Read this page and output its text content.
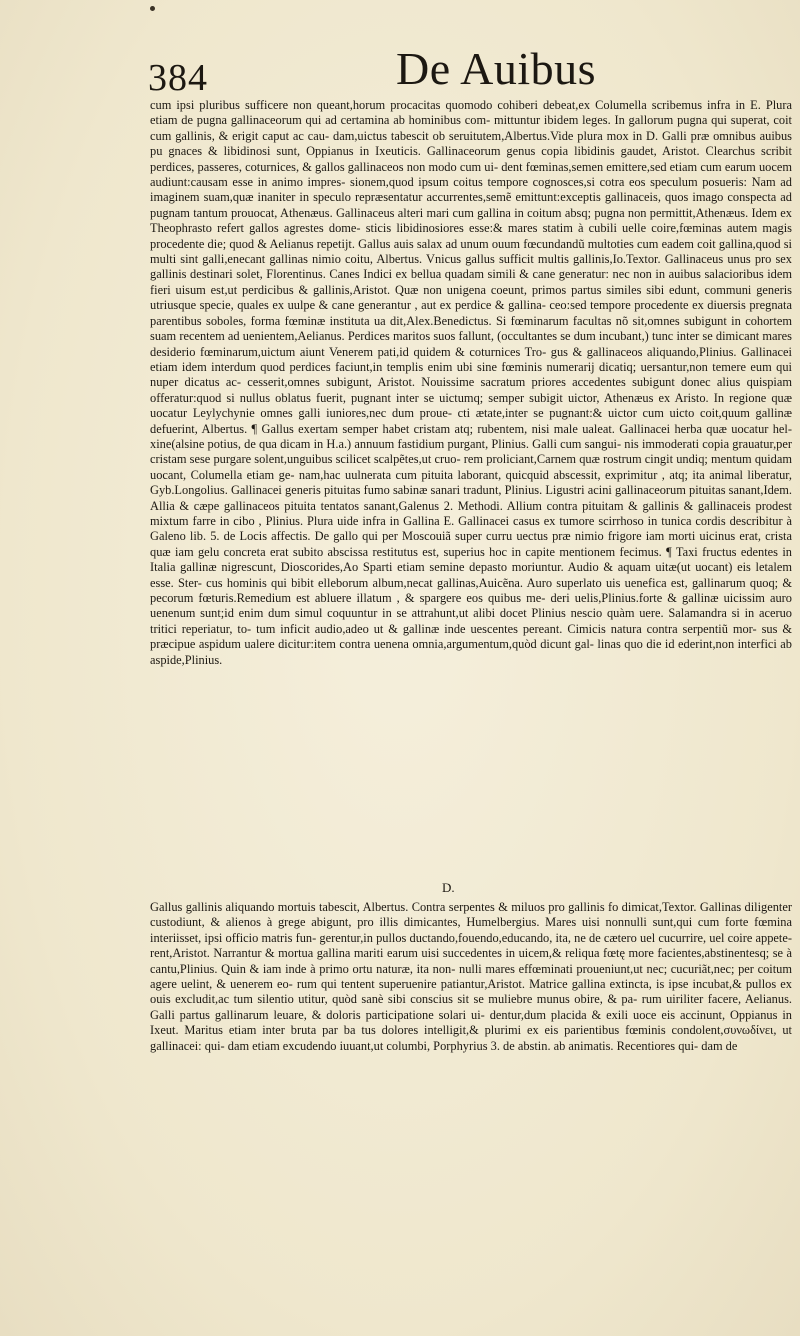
384	De Auibus

cum ipsi pluribus sufficere non queant,horum procacitas quomodo cohiberi debeat,ex Columella scribemus infra in E. Plura etiam de pugna gallinaceorum qui ad certamina ab hominibus com- mittuntur ibidem leges. In gallorum pugna qui superat, coit cum gallinis, & erigit caput ac cau- dam,uictus tabescit ob seruitutem,Albertus.Vide plura mox in D. Galli præ omnibus auibus pu gnaces & libidinosi sunt, Oppianus in Ixeuticis. Gallinaceorum genus copia libidinis gaudet, Aristot. Clearchus scribit perdices, passeres, coturnices, & gallos gallinaceos non modo cum ui- dent fœminas,semen emittere,sed etiam cum earum uocem audiunt:causam esse in animo impres- sionem,quod ipsum coitus tempore cognosces,si cotra eos speculum posueris: Nam ad imaginem suam,quæ inaniter in speculo repræsentatur accurrentes,semẽ emittunt:exceptis gallinaceis, quos imago conspecta ad pugnam tantum prouocat, Athenæus. Gallinaceus alteri mari cum gallina in coitum absq; pugna non permittit,Athenæus. Idem ex Theophrasto refert gallos agrestes dome- sticis libidinosiores esse:& mares statim à cubili uelle coire,fœminas autem magis procedente die; quod & Aelianus repetijt. Gallus auis salax ad unum ouum fœcundandũ multoties cum eadem coit gallina,quod si multi sint galli,enecant gallinas nimio coitu, Albertus. Vnicus gallus sufficit multis gallinis,Io.Textor. Gallinaceus unus pro sex gallinis destinari solet, Florentinus. Canes Indici ex bellua quadam simili & cane generatur: nec non in auibus salacioribus idem fieri uisum est,ut perdicibus & gallinis,Aristot. Quæ non unigena coeunt, primos partus similes sibi edunt, communi generis utriusque specie, quales ex uulpe & cane generantur , aut ex perdice & gallina- ceo:sed tempore procedente ex diuersis pregnata parentibus soboles, forma fœminæ instituta ua dit,Alex.Benedictus. Si fœminarum facultas nõ sit,omnes subigunt in cohortem suam recentem ad uenientem,Aelianus. Perdices maritos suos fallunt, (occultantes se dum incubant,) tunc inter se dimicant mares desiderio fœminarum,uictum aiunt Venerem pati,id quidem & coturnices Tro- gus & gallinaceos aliquando,Plinius. Gallinacei etiam idem interdum quod perdices faciunt,in templis enim ubi sine fœminis numerarij dicatiq; uersantur,non temere eum qui nuper dicatus ac- cesserit,omnes subigunt, Aristot. Nouissime sacratum priores accedentes subigunt donec alius quispiam offeratur:quod si nullus oblatus fuerit, pugnant inter se uictumq; semper subigit uictor, Athenæus ex Aristo. In regione quæ uocatur Leylychynie omnes galli iuniores,nec dum proue- cti ætate,inter se pugnant:& uictor cum uicto coit,quum gallinæ defuerint, Albertus. ¶ Gallus exertam semper habet cristam atq; rubentem, nisi male ualeat. Gallinacei herba quæ uocatur hel- xine(alsine potius, de qua dicam in H.a.) annuum fastidium purgant, Plinius. Galli cum sangui- nis immoderati copia grauatur,per cristam sese purgare solent,unguibus scilicet scalpẽtes,ut cruo- rem proliciant,Carnem quæ rostrum cingit undiq; mentum quidam uocant, Columella etiam ge- nam,hac uulnerata cum pituita laborant, quicquid abscessit, exprimitur , atq; ita animal liberatur, Gyb.Longolius. Gallinacei generis pituitas fumo sabinæ sanari tradunt, Plinius. Ligustri acini gallinaceorum pituitas sanant,Idem. Allia & cæpe gallinaceos pituita tentatos sanant,Galenus 2. Methodi. Allium contra pituitam & gallinis & gallinaceis prodest mixtum farre in cibo , Plinius. Plura uide infra in Gallina E. Gallinacei casus ex tumore scirrhoso in tunica cordis describitur à Galeno lib. 5. de Locis affectis. De gallo qui per Moscouiã super curru uectus præ nimio frigore iam morti uicinus erat, crista quæ iam gelu concreta erat subito abscissa restitutus est, superius hoc in capite mentionem fecimus. ¶ Taxi fructus edentes in Italia gallinæ nigrescunt, Dioscorides,Ao Sparti etiam semine depasto moriuntur. Audio & aquam uitæ(ut uocant) eis letalem esse. Ster- cus hominis qui bibit elleborum album,necat gallinas,Auicẽna. Auro superlato uis uenefica est, gallinarum quoq; & pecorum fœturis.Remedium est abluere illatum , & spargere eos quibus me- deri uelis,Plinius.forte & gallinæ uicissim auro uenenum sunt;id enim dum simul coquuntur in se attrahunt,ut alibi docet Plinius nescio quàm uere. Salamandra si in aceruo tritici reperiatur, to- tum inficit audio,adeo ut & gallinæ inde uescentes pereant. Cimicis natura contra serpentiũ mor- sus & præcipue aspidum ualere dicitur:item contra uenena omnia,argumentum,quòd dicunt gal- linas quo die id ederint,non interfici ab aspide,Plinius.

D.

Gallus gallinis aliquando mortuis tabescit, Albertus. Contra serpentes & miluos pro gallinis fo dimicat,Textor. Gallinas diligenter custodiunt, & alienos à grege abigunt, pro illis dimicantes, Humelbergius. Mares uisi nonnulli sunt,qui cum forte fœmina interiisset, ipsi officio matris fun- gerentur,in pullos ductando,fouendo,educando, ita, ne de cætero uel cucurrire, uel coire appete- rent,Aristot. Narrantur & mortua gallina mariti earum uisi succedentes in uicem,& reliqua fœtę more facientes,abstinentesq; se à cantu,Plinius. Quin & iam inde à primo ortu naturæ, ita non- nulli mares effœminati proueniunt,ut nec; cucuriãt,nec; per coitum agere uelint, & uenerem eo- rum qui tentent superuenire patiantur,Aristot. Matrice gallina extincta, is ipse incubat,& pullos ex ouis excludit,ac tum silentio utitur, quòd sanè sibi conscius sit se muliebre munus obire, & pa- rum uiriliter facere, Aelianus. Galli partus gallinarum leuare, & doloris participatione solari ui- dentur,dum placida & exili uoce eis accinunt, Oppianus in Ixeut. Maritus etiam inter bruta par ba tus dolores intelligit,& plurimi ex eis parientibus fœminis condolent,συνωδίνει, ut gallinacei: qui- dam etiam excudendo iuuant,ut columbi, Porphyrius 3. de abstin. ab animatis. Recentiores qui- dam de
